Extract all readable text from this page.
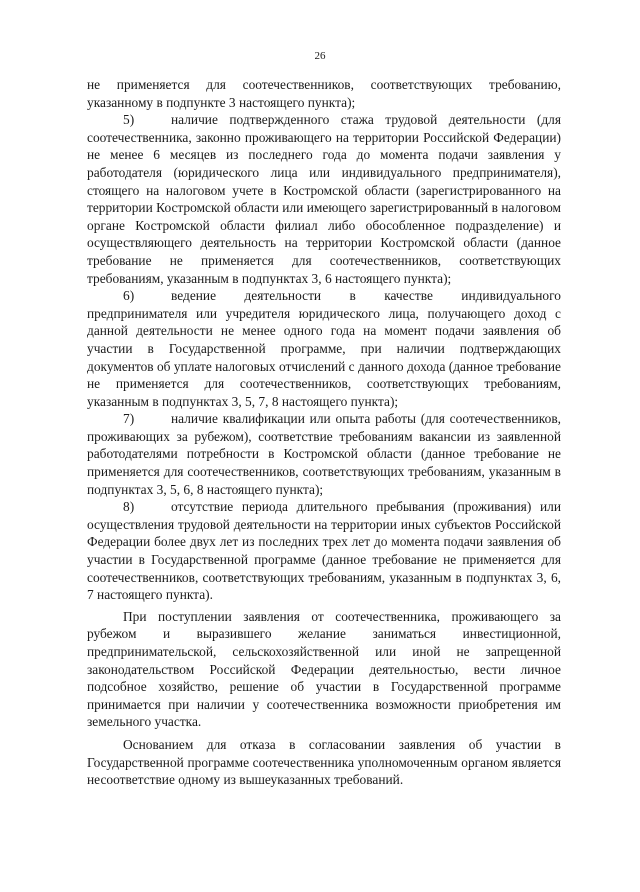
26

не применяется для соотечественников, соответствующих требованию, указанному в подпункте 3 настоящего пункта);

5)	наличие подтвержденного стажа трудовой деятельности (для соотечественника, законно проживающего на территории Российской Федерации) не менее 6 месяцев из последнего года до момента подачи заявления у работодателя (юридического лица или индивидуального предпринимателя), стоящего на налоговом учете в Костромской области (зарегистрированного на территории Костромской области или имеющего зарегистрированный в налоговом органе Костромской области филиал либо обособленное подразделение) и осуществляющего деятельность на территории Костромской области (данное требование не применяется для соотечественников, соответствующих требованиям, указанным в подпунктах 3, 6 настоящего пункта);

6)	ведение деятельности в качестве индивидуального предпринимателя или учредителя юридического лица, получающего доход с данной деятельности не менее одного года на момент подачи заявления об участии в Государственной программе, при наличии подтверждающих документов об уплате налоговых отчислений с данного дохода (данное требование не применяется для соотечественников, соответствующих требованиям, указанным в подпунктах 3, 5, 7, 8 настоящего пункта);

7)	наличие квалификации или опыта работы (для соотечественников, проживающих за рубежом), соответствие требованиям вакансии из заявленной работодателями потребности в Костромской области (данное требование не применяется для соотечественников, соответствующих требованиям, указанным в подпунктах 3, 5, 6, 8 настоящего пункта);

8)	отсутствие периода длительного пребывания (проживания) или осуществления трудовой деятельности на территории иных субъектов Российской Федерации более двух лет из последних трех лет до момента подачи заявления об участии в Государственной программе (данное требование не применяется для соотечественников, соответствующих требованиям, указанным в подпунктах 3, 6, 7 настоящего пункта).

При поступлении заявления от соотечественника, проживающего за рубежом и выразившего желание заниматься инвестиционной, предпринимательской, сельскохозяйственной или иной не запрещенной законодательством Российской Федерации деятельностью, вести личное подсобное хозяйство, решение об участии в Государственной программе принимается при наличии у соотечественника возможности приобретения им земельного участка.

Основанием для отказа в согласовании заявления об участии в Государственной программе соотечественника уполномоченным органом является несоответствие одному из вышеуказанных требований.
